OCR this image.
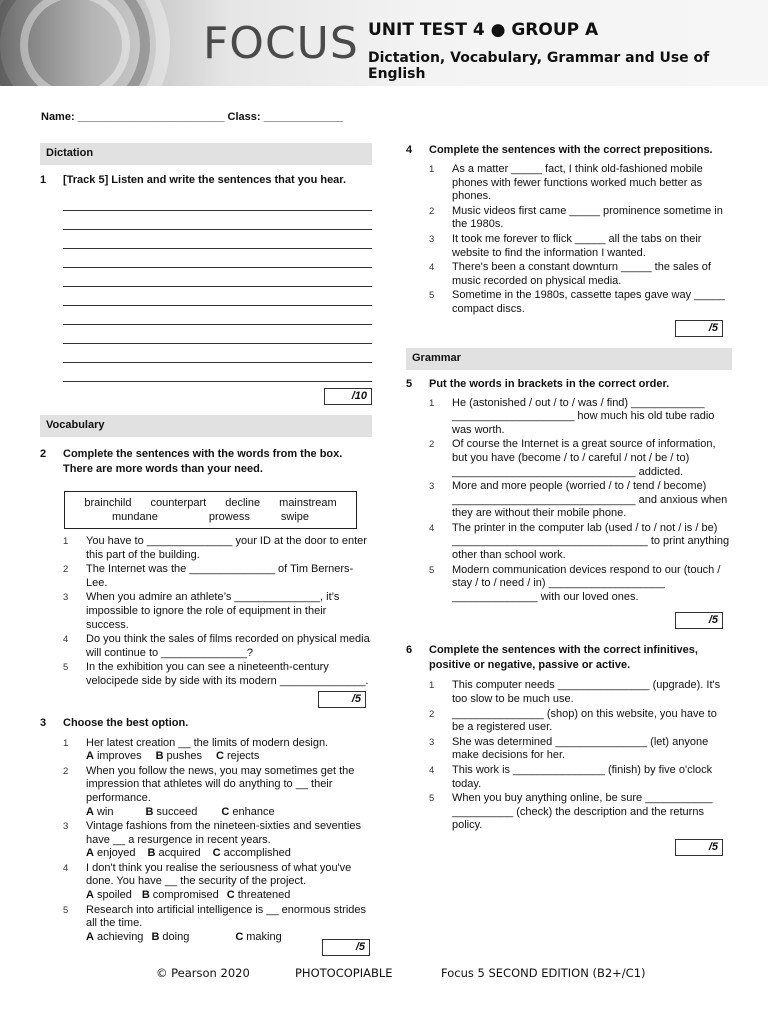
FOCUS UNIT TEST 4 ● GROUP A
Dictation, Vocabulary, Grammar and Use of English
Name: ________________________ Class: _____________
Dictation
1	[Track 5] Listen and write the sentences that you hear.
/10
Vocabulary
2	Complete the sentences with the words from the box. There are more words than your need.
brainchild counterpart decline mainstream
mundane	prowess	swipe
1	You have to ______________ your ID at the door to enter this part of the building.
2	The Internet was the ______________ of Tim Berners-Lee.
3	When you admire an athlete’s ______________, it’s impossible to ignore the role of equipment in their success.
4	Do you think the sales of films recorded on physical media will continue to ______________?
5	In the exhibition you can see a nineteenth-century velocipede side by side with its modern ______________.
/5
3	Choose the best option.
1	Her latest creation __ the limits of modern design.
A improves B pushes C rejects
2	When you follow the news, you may sometimes get the impression that athletes will do anything to __ their performance.
A win	B succeed C enhance
3	Vintage fashions from the nineteen-sixties and seventies have __ a resurgence in recent years.
A enjoyed B acquired C accomplished
4	I don't think you realise the seriousness of what you've done. You have __ the security of the project.
A spoiled B compromised C threatened
5	Research into artificial intelligence is __ enormous strides all the time.
A achieving B doing	C making
/5
4	Complete the sentences with the correct prepositions.
1	As a matter _____ fact, I think old-fashioned mobile phones with fewer functions worked much better as phones.
2	Music videos first came _____ prominence sometime in the 1980s.
3	It took me forever to flick _____ all the tabs on their website to find the information I wanted.
4	There's been a constant downturn _____ the sales of music recorded on physical media.
5	Sometime in the 1980s, cassette tapes gave way _____ compact discs.
/5
Grammar
5	Put the words in brackets in the correct order.
1	He (astonished / out / to / was / find) ____________ ____________________ how much his old tube radio was worth.
2	Of course the Internet is a great source of information, but you have (become / to / careful / not / be / to) ______________________________ addicted.
3	More and more people (worried / to / tend / become) ______________________________ and anxious when they are without their mobile phone.
4	The printer in the computer lab (used / to / not / is / be) ________________________________ to print anything other than school work.
5	Modern communication devices respond to our (touch / stay / to / need / in) ___________________ ______________ with our loved ones.
/5
6	Complete the sentences with the correct infinitives, positive or negative, passive or active.
1	This computer needs _______________ (upgrade). It's too slow to be much use.
2	_______________ (shop) on this website, you have to be a registered user.
3	She was determined _______________ (let) anyone make decisions for her.
4	This work is _______________ (finish) by five o'clock today.
5	When you buy anything online, be sure ___________ __________ (check) the description and the returns policy.
/5
© Pearson 2020	PHOTOCOPIABLE	Focus 5 SECOND EDITION (B2+/C1)
